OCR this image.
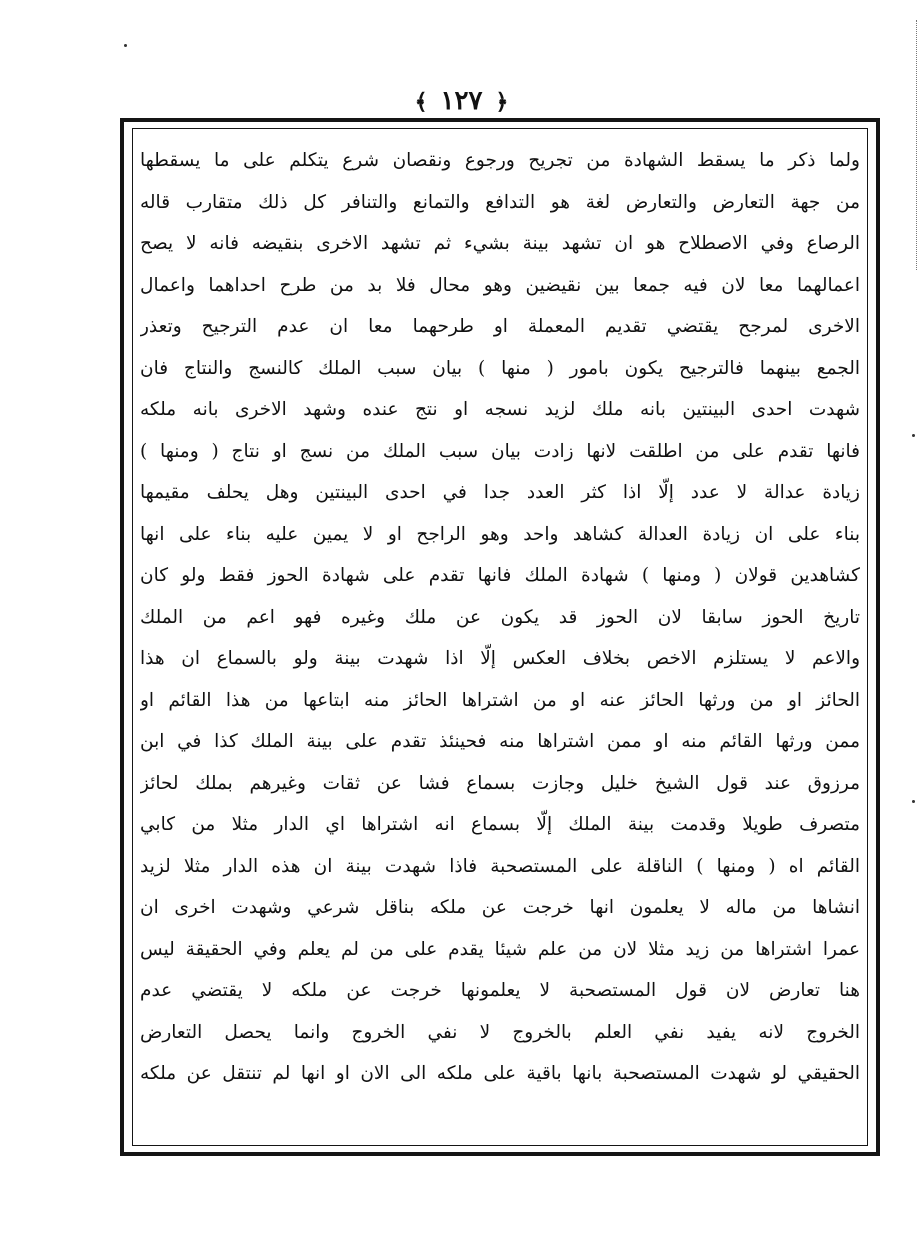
﴿ ١٢٧ ﴾
ولما ذكر ما يسقط الشهادة من تجريح ورجوع ونقصان شرع يتكلم على ما يسقطها
من جهة التعارض والتعارض لغة هو التدافع والتمانع والتنافر كل ذلك متقارب قاله
الرصاع وفي الاصطلاح هو ان تشهد بينة بشيء ثم تشهد الاخرى بنقيضه فانه لا يصح
اعمالهما معا لان فيه جمعا بين نقيضين وهو محال فلا بد من طرح احداهما واعمال
الاخرى لمرجح يقتضي تقديم المعملة او طرحهما معا ان عدم الترجيح وتعذر
الجمع بينهما فالترجيح يكون بامور ( منها ) بيان سبب الملك كالنسج والنتاج فان
شهدت احدى البينتين بانه ملك لزيد نسجه او نتج عنده وشهد الاخرى بانه ملكه
فانها تقدم على من اطلقت لانها زادت بيان سبب الملك من نسج او نتاج ( ومنها )
زيادة عدالة لا عدد إلّا اذا كثر العدد جدا في احدى البينتين وهل يحلف مقيمها
بناء على ان زيادة العدالة كشاهد واحد وهو الراجح او لا يمين عليه بناء على انها
كشاهدين قولان ( ومنها ) شهادة الملك فانها تقدم على شهادة الحوز فقط ولو كان
تاريخ الحوز سابقا لان الحوز قد يكون عن ملك وغيره فهو اعم من الملك
والاعم لا يستلزم الاخص بخلاف العكس إلّا اذا شهدت بينة ولو بالسماع ان هذا
الحائز او من ورثها الحائز عنه او من اشتراها الحائز منه ابتاعها من هذا القائم او
ممن ورثها القائم منه او ممن اشتراها منه فحينئذ تقدم على بينة الملك كذا في ابن
مرزوق عند قول الشيخ خليل وجازت بسماع فشا عن ثقات وغيرهم بملك لحائز
متصرف طويلا وقدمت بينة الملك إلّا بسماع انه اشتراها اي الدار مثلا من كابي
القائم اه ( ومنها ) الناقلة على المستصحبة فاذا شهدت بينة ان هذه الدار مثلا لزيد
انشاها من ماله لا يعلمون انها خرجت عن ملكه بناقل شرعي وشهدت اخرى ان
عمرا اشتراها من زيد مثلا لان من علم شيئا يقدم على من لم يعلم وفي الحقيقة ليس
هنا تعارض لان قول المستصحبة لا يعلمونها خرجت عن ملكه لا يقتضي عدم
الخروج لانه يفيد نفي العلم بالخروج لا نفي الخروج وانما يحصل التعارض
الحقيقي لو شهدت المستصحبة بانها باقية على ملكه الى الان او انها لم تنتقل عن ملكه
